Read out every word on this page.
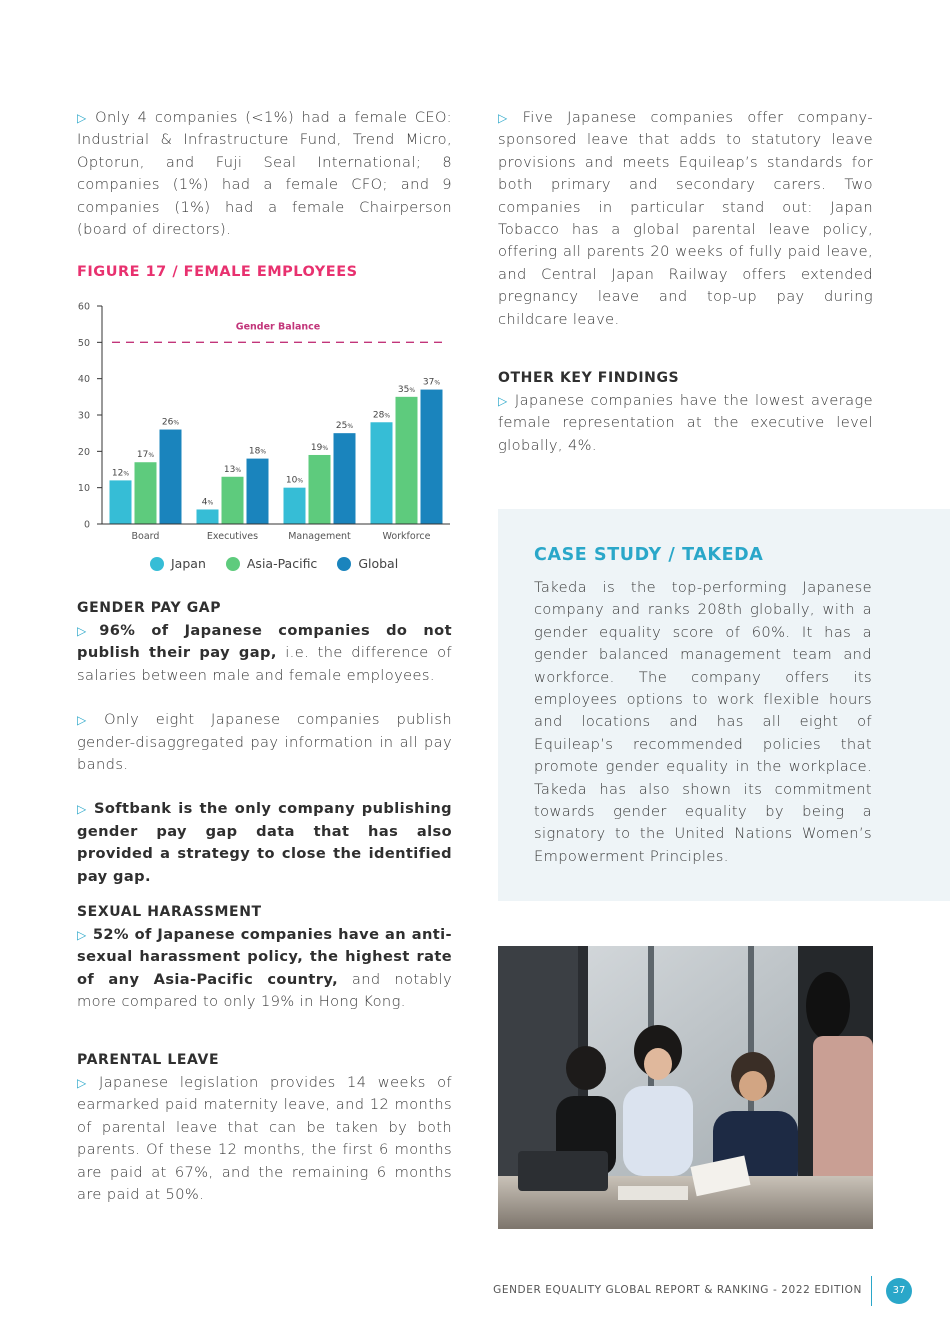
▷ Only 4 companies (<1%) had a female CEO: Industrial & Infrastructure Fund, Trend Micro, Optorun, and Fuji Seal International; 8 companies (1%) had a female CFO; and 9 companies (1%) had a female Chairperson (board of directors).
FIGURE 17 / FEMALE EMPLOYEES
0
10
20
30
40
50
60
Gender Balance
12%
17%
26%
4%
13%
18%
10%
19%
25%
28%
35%
37%
Board	Executives	Management	Workforce
Japan	Asia-Pacific	Global

GENDER PAY GAP

▷ 96% of Japanese companies do not publish their pay gap, i.e. the difference of salaries between male and female employees.

▷ Only eight Japanese companies publish gender-disaggregated pay information in all pay bands.

▷ Softbank is the only company publishing gender pay gap data that has also provided a strategy to close the identified pay gap.

SEXUAL HARASSMENT

▷ 52% of Japanese companies have an anti-sexual harassment policy, the highest rate of any Asia-Pacific country, and notably more compared to only 19% in Hong Kong.

PARENTAL LEAVE

▷ Japanese legislation provides 14 weeks of earmarked paid maternity leave, and 12 months of parental leave that can be taken by both parents. Of these 12 months, the first 6 months are paid at 67%, and the remaining 6 months are paid at 50%.

▷ Five Japanese companies offer company-sponsored leave that adds to statutory leave provisions and meets Equileap’s standards for both primary and secondary carers. Two companies in particular stand out: Japan Tobacco has a global parental leave policy, offering all parents 20 weeks of fully paid leave, and Central Japan Railway offers extended pregnancy leave and top-up pay during childcare leave.

OTHER KEY FINDINGS

▷ Japanese companies have the lowest average female representation at the executive level globally, 4%.

CASE STUDY / TAKEDA
Takeda is the top-performing Japanese company and ranks 208th globally, with a gender equality score of 60%. It has a gender balanced management team and workforce. The company offers its employees options to work flexible hours and locations and has all eight of Equileap’s recommended policies that promote gender equality in the workplace. Takeda has also shown its commitment towards gender equality by being a signatory to the United Nations Women’s Empowerment Principles.
GENDER EQUALITY GLOBAL REPORT & RANKING - 2022 EDITION	37
